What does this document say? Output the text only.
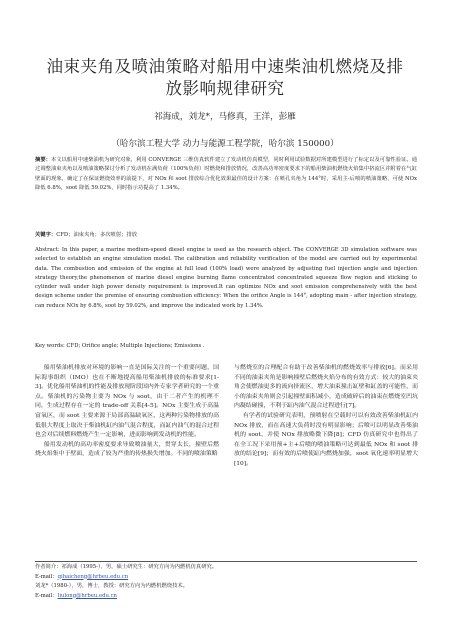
油束夹角及喷油策略对船用中速柴油机燃烧及排
放影响规律研究
祁海成，刘龙*，马修真，王洋，彭雁
（哈尔滨工程大学 动力与能源工程学院，哈尔滨 150000）
摘要：本文以船用中速柴油机为研究对象，利用 CONVERGE 三维仿真软件建立了发动机仿真模型，同时利用试验数据对所建模型进行了标定以及可靠性验证。通过调整油束夹角以及喷油策略探讨分析了发动机在满负荷（100%负荷）时燃烧和排放情况，改善高功率密度要求下的船用柴油机燃烧火焰集中挤流区并附着在气缸壁面的现象，确定了在保证燃烧效率的前提下，对 NOx 和 soot 排放综合优化效果最佳的设计方案：在喷孔夹角为 144°时，采用主-后喷的喷油策略，可使 NOx 降低 6.8%，soot 降低 59.02%，同时指示功提高了 1.34%。
关键字：CFD；油束夹角；多次喷射；排放
Abstract: In this paper, a marine medium-speed diesel engine is used as the research object. The CONVERGE 3D simulation software was selected to establish an engine simulation model. The calibration and reliability verification of the model are carried out by experimental data. The combustion and emission of the engine at full load (100% load) were analyzed by adjusting fuel injection angle and injection strategy theory,the phenomenon of marine diesel engine burning flame concentrated concentrated squeeze flow region and sticking to cylinder wall under high power density requirement is improved.It can optimize NOx and soot emission comprehensively with the best design scheme under the premise of ensuring combustion efficiency: When the orifice Angle is 144°, adopting main - after injection strategy, can reduce NOx by 6.8%, soot by 59.02%, and improve the indicated work by 1.34%.
Key words: CFD; Orifice angle; Multiple Injections; Emissions .

船用柴油机排放对环境的影响一直是国际关注的一个重要问题，国际海事组织（IMO）也在不断地提高船用柴油机排放的标准要求[1-3]。优化船用柴油机的性能及排放现阶段国内外专家学者研究的一个重点。柴油机的污染物主要为 NOx 与 soot，由于二者产生的机理不同，生成过程存在一定的 trade-off 关系[4-5]。NOx 主要生成于高温富氧区，而 soot 主要来源于局部高温缺氧区，这两种污染物排放的高低很大程度上取决于柴油机缸内油气混合程度，而缸内油气的混合过程也会对后续燃料燃烧产生一定影响，进而影响到发动机的性能。

船用发动机的高功率密度要求导致喷油量大，贯穿太长，撞壁后燃烧火焰集中于壁面，造成了较为严重的传热损失增加。不同的喷油策略

与燃烧室的合理配合有助于改善柴油机的燃烧效率与排放[6]。而采用不同的油束夹角是影响撞壁后燃烧火焰分布的有效方式：较大的油束夹角会使燃油更多的流向挤流区，增大油束撞击缸壁和缸盖的可能性，而小的油束夹角则会引起撞壁面积减小，造成破碎后的油束在燃烧室凹坑内凝结碰撞，不利于缸内油气混合过程进行[7]。

有学者的试验研究表明，预喷射在空载时可以有效改善柴油机缸内 NOx 排放，而在高速大负荷时没有明显影响；后喷可以明显改善柴油机的 soot、并使 NOx 排放略微下降[8]；CFD 仿真研究中也得出了在全工况下采用预+主+后喷的喷油策略可达到最低 NOx 和 soot 排放的结论[9]；而有效的后喷使缸内燃烧加强，soot 氧化速率明显增大[10]。

作者简介：祁海成（1995-），男，硕士研究生：研究方向为内燃机仿真研究。
E-mail：qihaicheng@hrbeu.edu.cn
刘龙*（1980-），男，博士，教授：研究方向为内燃机燃烧技术。
E-mail：liulong@hrbeu.edu.cn
